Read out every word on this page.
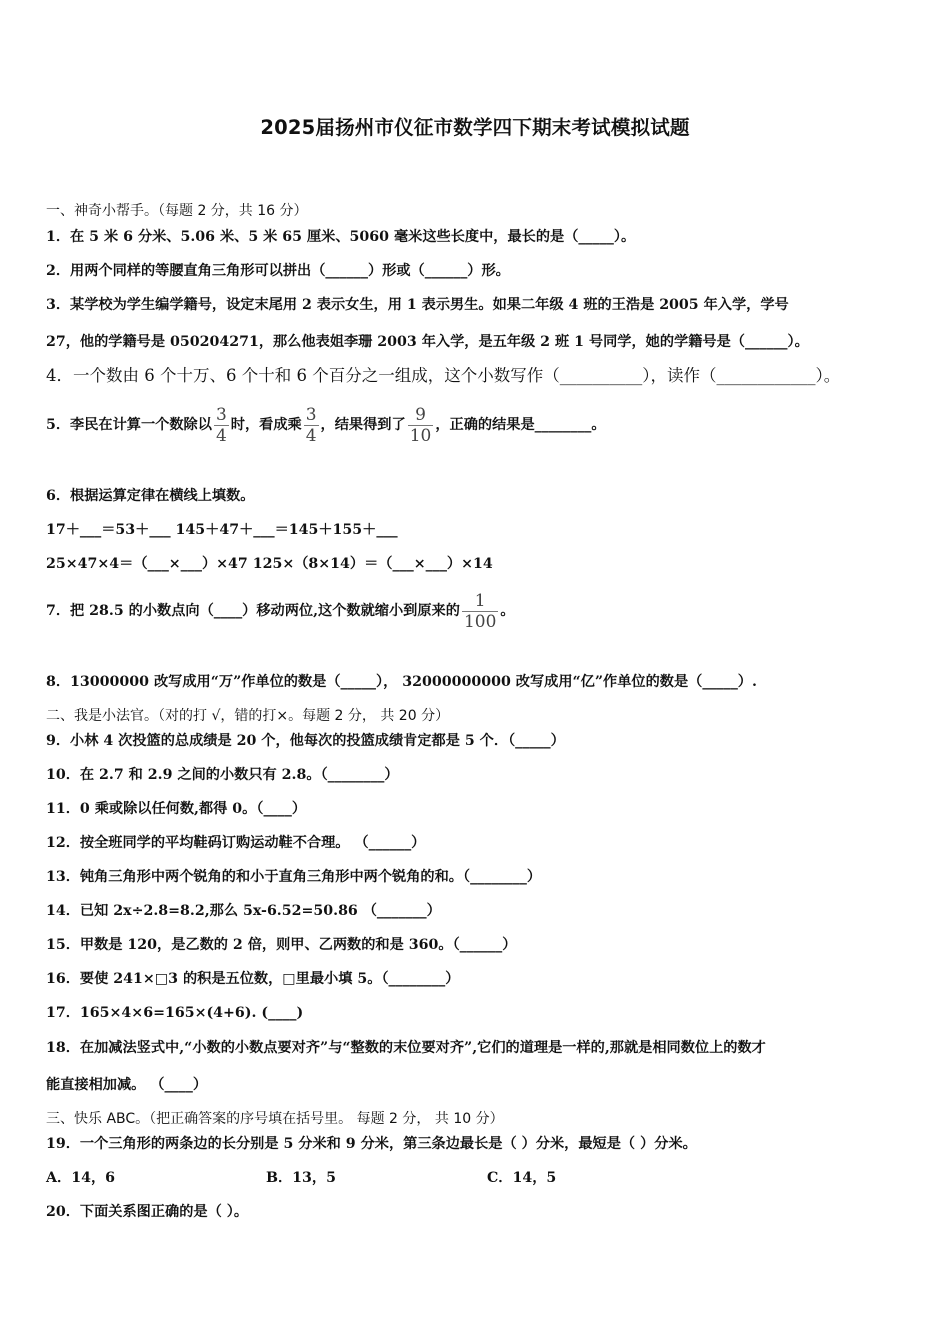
2025届扬州市仪征市数学四下期末考试模拟试题
一、神奇小帮手。（每题 2 分，共 16 分）
1．在 5 米 6 分米、5.06 米、5 米 65 厘米、5060 毫米这些长度中，最长的是（_____）。
2．用两个同样的等腰直角三角形可以拼出（______）形或（______）形。
3．某学校为学生编学籍号，设定末尾用 2 表示女生，用 1 表示男生。如果二年级 4 班的王浩是 2005 年入学，学号
27，他的学籍号是 050204271，那么他表姐李珊 2003 年入学，是五年级 2 班 1 号同学，她的学籍号是（______）。
4．一个数由 6 个十万、6 个十和 6 个百分之一组成，这个小数写作（__________），读作（____________）。
5．李民在计算一个数除以 $\frac{3}{4}$ 时，看成乘 $\frac{3}{4}$ ，结果得到了 $\frac{9}{10}$ ，正确的结果是________。
6．根据运算定律在横线上填数。
17＋___＝53＋___ 145＋47＋___＝145＋155＋___
25×47×4＝（___×___）×47 125×（8×14）＝（___×___）×14
7．把 28.5 的小数点向（____）移动两位,这个数就缩小到原来的 $\frac{1}{100}$ 。
8．13000000 改写成用“万”作单位的数是（_____）， 32000000000 改写成用“亿”作单位的数是（_____）.
二、我是小法官。（对的打 √，错的打×。每题 2 分， 共 20 分）
9．小林 4 次投篮的总成绩是 20 个，他每次的投篮成绩肯定都是 5 个．（_____）
10．在 2.7 和 2.9 之间的小数只有 2.8。（________）
11．0 乘或除以任何数,都得 0。（____）
12．按全班同学的平均鞋码订购运动鞋不合理。 （______）
13．钝角三角形中两个锐角的和小于直角三角形中两个锐角的和。（________）
14．已知 2x÷2.8=8.2,那么 5x-6.52=50.86 （_______）
15．甲数是 120，是乙数的 2 倍，则甲、乙两数的和是 360。（______）
16．要使 241×□3 的积是五位数，□里最小填 5。（________）
17．165×4×6=165×(4+6). (____)
18．在加减法竖式中,“小数的小数点要对齐”与“整数的末位要对齐”,它们的道理是一样的,那就是相同数位上的数才
能直接相加减。 （____）
三、快乐 ABC。（把正确答案的序号填在括号里。 每题 2 分， 共 10 分）
19．一个三角形的两条边的长分别是 5 分米和 9 分米，第三条边最长是（ ）分米，最短是（ ）分米。
A．14，6	B．13，5	C．14，5
20．下面关系图正确的是（ ）。
